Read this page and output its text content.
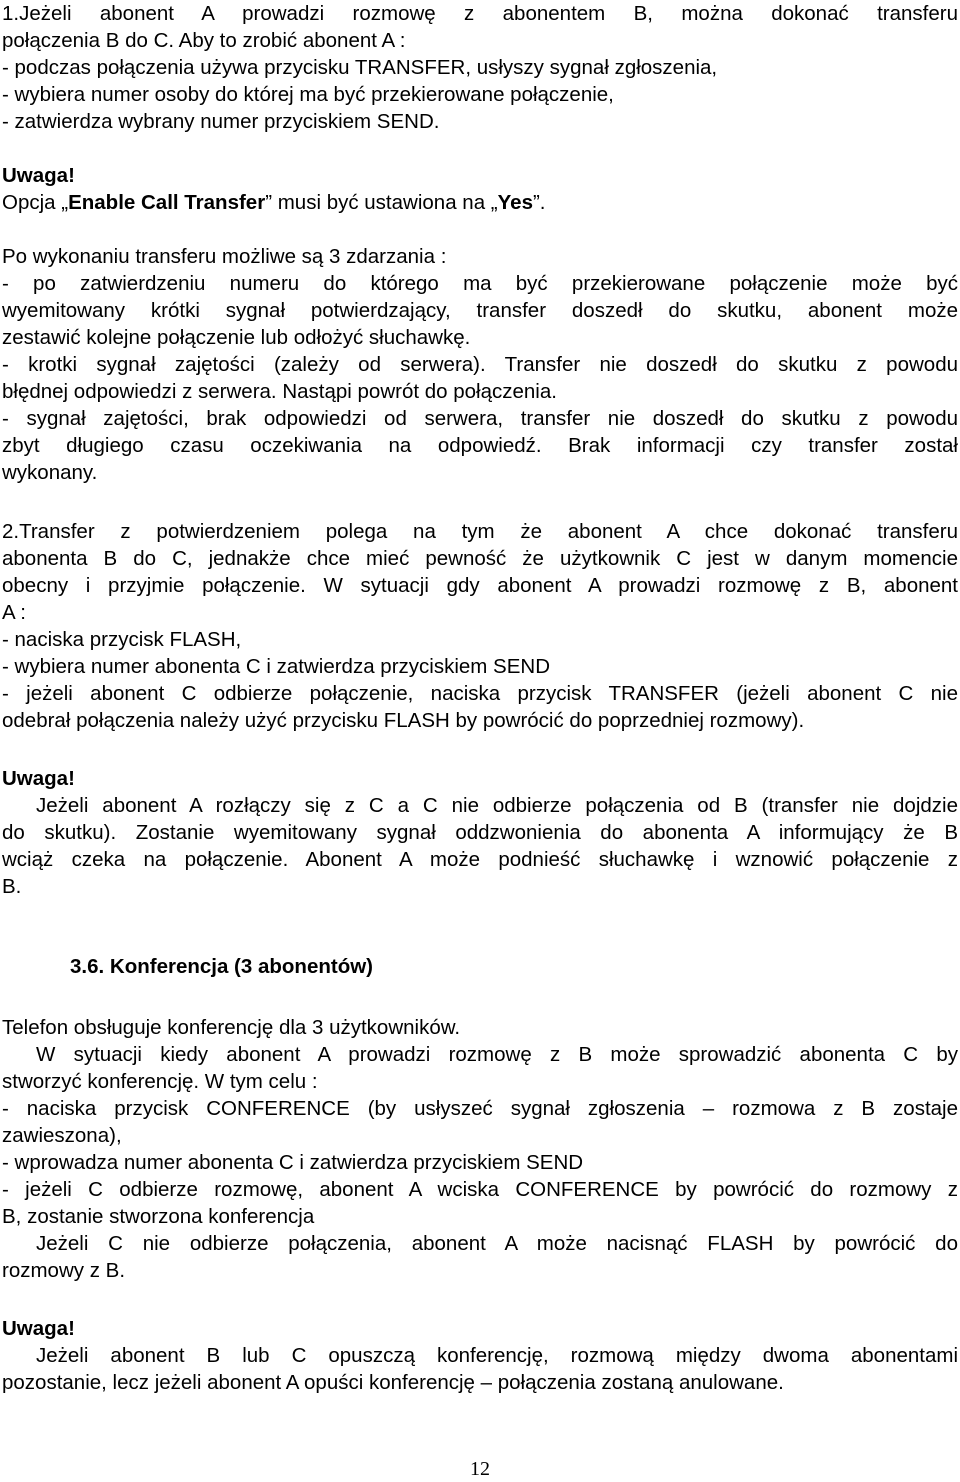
1.Jeżeli abonent A prowadzi rozmowę z abonentem B, można dokonać transferu
połączenia B do C. Aby to zrobić abonent A :
- podczas połączenia używa przycisku TRANSFER, usłyszy sygnał zgłoszenia,
- wybiera numer osoby do której ma być przekierowane połączenie,
- zatwierdza wybrany numer przyciskiem SEND.
Uwaga!
Opcja „Enable Call Transfer” musi być ustawiona na „Yes”.
Po wykonaniu transferu możliwe są 3 zdarzania :
- po zatwierdzeniu numeru do którego ma być przekierowane połączenie może być
wyemitowany krótki sygnał potwierdzający, transfer doszedł do skutku, abonent może
zestawić kolejne połączenie lub odłożyć słuchawkę.
- krotki sygnał zajętości (zależy od serwera). Transfer nie doszedł do skutku z powodu
błędnej odpowiedzi z serwera. Nastąpi powrót do połączenia.
- sygnał zajętości, brak odpowiedzi od serwera, transfer nie doszedł do skutku z powodu
zbyt długiego czasu oczekiwania na odpowiedź. Brak informacji czy transfer został
wykonany.
2.Transfer z potwierdzeniem polega na tym że abonent A chce dokonać transferu
abonenta B do C, jednakże chce mieć pewność że użytkownik C jest w danym momencie
obecny i przyjmie połączenie. W sytuacji gdy abonent A prowadzi rozmowę z B, abonent
A :
- naciska przycisk FLASH,
- wybiera numer abonenta C i zatwierdza przyciskiem SEND
- jeżeli abonent C odbierze połączenie, naciska przycisk TRANSFER (jeżeli abonent C nie
odebrał połączenia należy użyć przycisku FLASH by powrócić do poprzedniej rozmowy).
Uwaga!
Jeżeli abonent A rozłączy się z C a C nie odbierze połączenia od B (transfer nie dojdzie
do skutku). Zostanie wyemitowany sygnał oddzwonienia do abonenta A informujący że B
wciąż czeka na połączenie. Abonent A może podnieść słuchawkę i wznowić połączenie z
B.
3.6. Konferencja (3 abonentów)
Telefon obsługuje konferencję dla 3 użytkowników.
W sytuacji kiedy abonent A prowadzi rozmowę z B może sprowadzić abonenta C by
stworzyć konferencję. W tym celu :
- naciska przycisk CONFERENCE (by usłyszeć sygnał zgłoszenia – rozmowa z B zostaje
zawieszona),
- wprowadza numer abonenta C i zatwierdza przyciskiem SEND
- jeżeli C odbierze rozmowę, abonent A wciska CONFERENCE by powrócić do rozmowy z
B, zostanie stworzona konferencja
Jeżeli C nie odbierze połączenia, abonent A może nacisnąć FLASH by powrócić do
rozmowy z B.
Uwaga!
Jeżeli abonent B lub C opuszczą konferencję, rozmową między dwoma abonentami
pozostanie, lecz jeżeli abonent A opuści konferencję – połączenia zostaną anulowane.
12
